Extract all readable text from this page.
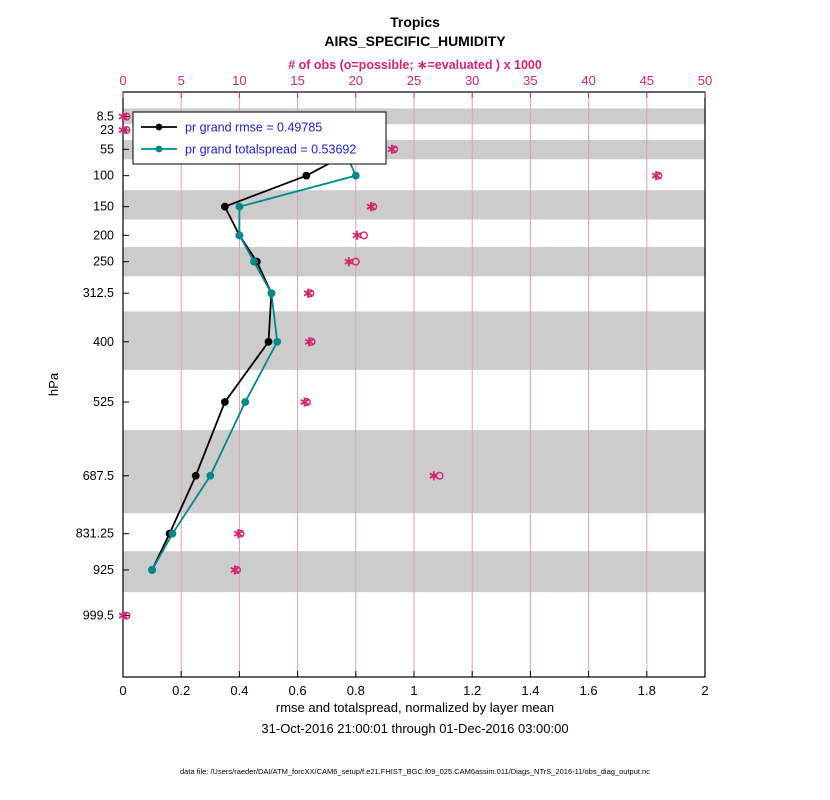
Tropics
AIRS_SPECIFIC_HUMIDITY
# of obs (o=possible; ∗=evaluated ) x 1000
0	0.2	0.4	0.6	0.8	1	1.2	1.4	1.6	1.8	2
0	5	10	15	20	25	30	35	40	45	50
8.5
23
55
100
150
200
250
312.5
400
525
687.5
831.25
925
999.5
hPa
pr grand rmse = 0.49785
pr grand totalspread = 0.53692
rmse and totalspread, normalized by layer mean
31-Oct-2016 21:00:01 through 01-Dec-2016 03:00:00
data file: /Users/raeder/DAI/ATM_forcXX/CAM6_setup/f.e21.FHIST_BGC.f09_025.CAM6assim.011/Diags_NTrS_2016-11/obs_diag_output.nc
